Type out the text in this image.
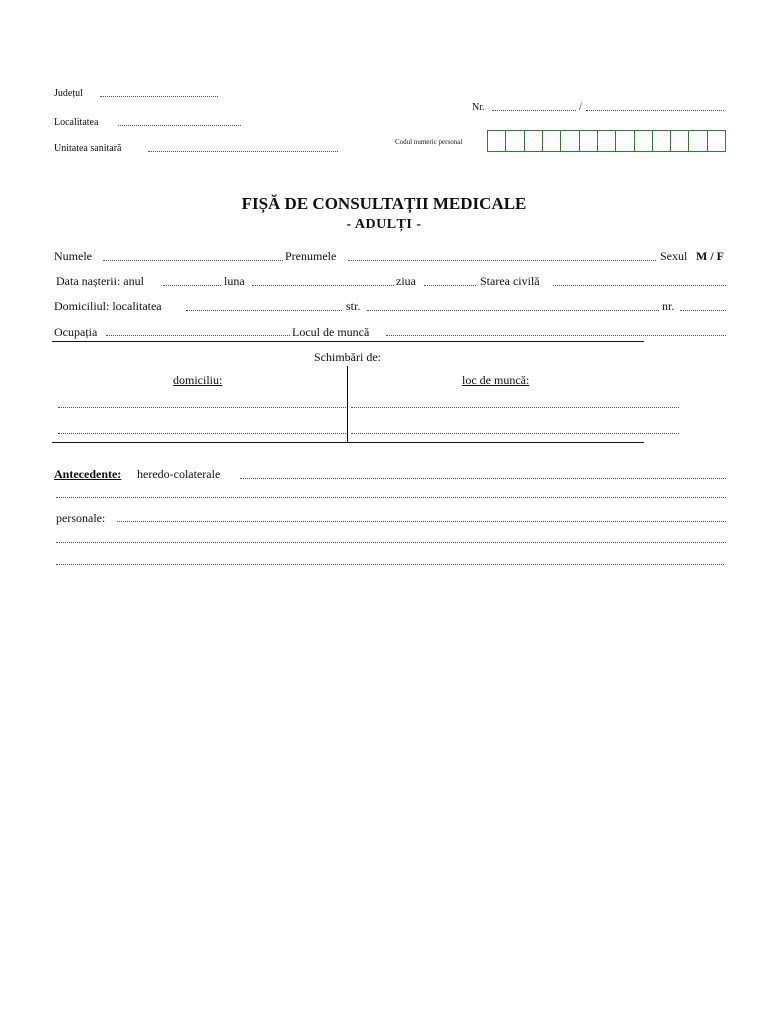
Județul
Nr.	/
Localitatea
Codul numeric personal
Unitatea sanitară
FIȘĂ DE CONSULTAȚII MEDICALE
- ADULȚI -
Numele	Prenumele	Sexul M / F
Data nașterii: anul	luna	ziua	Starea civilă
Domiciliul: localitatea	str.	nr.
Ocupația	Locul de muncă
Schimbări de:
domiciliu:	loc de muncă:
Antecedente: heredo-colaterale
personale:
